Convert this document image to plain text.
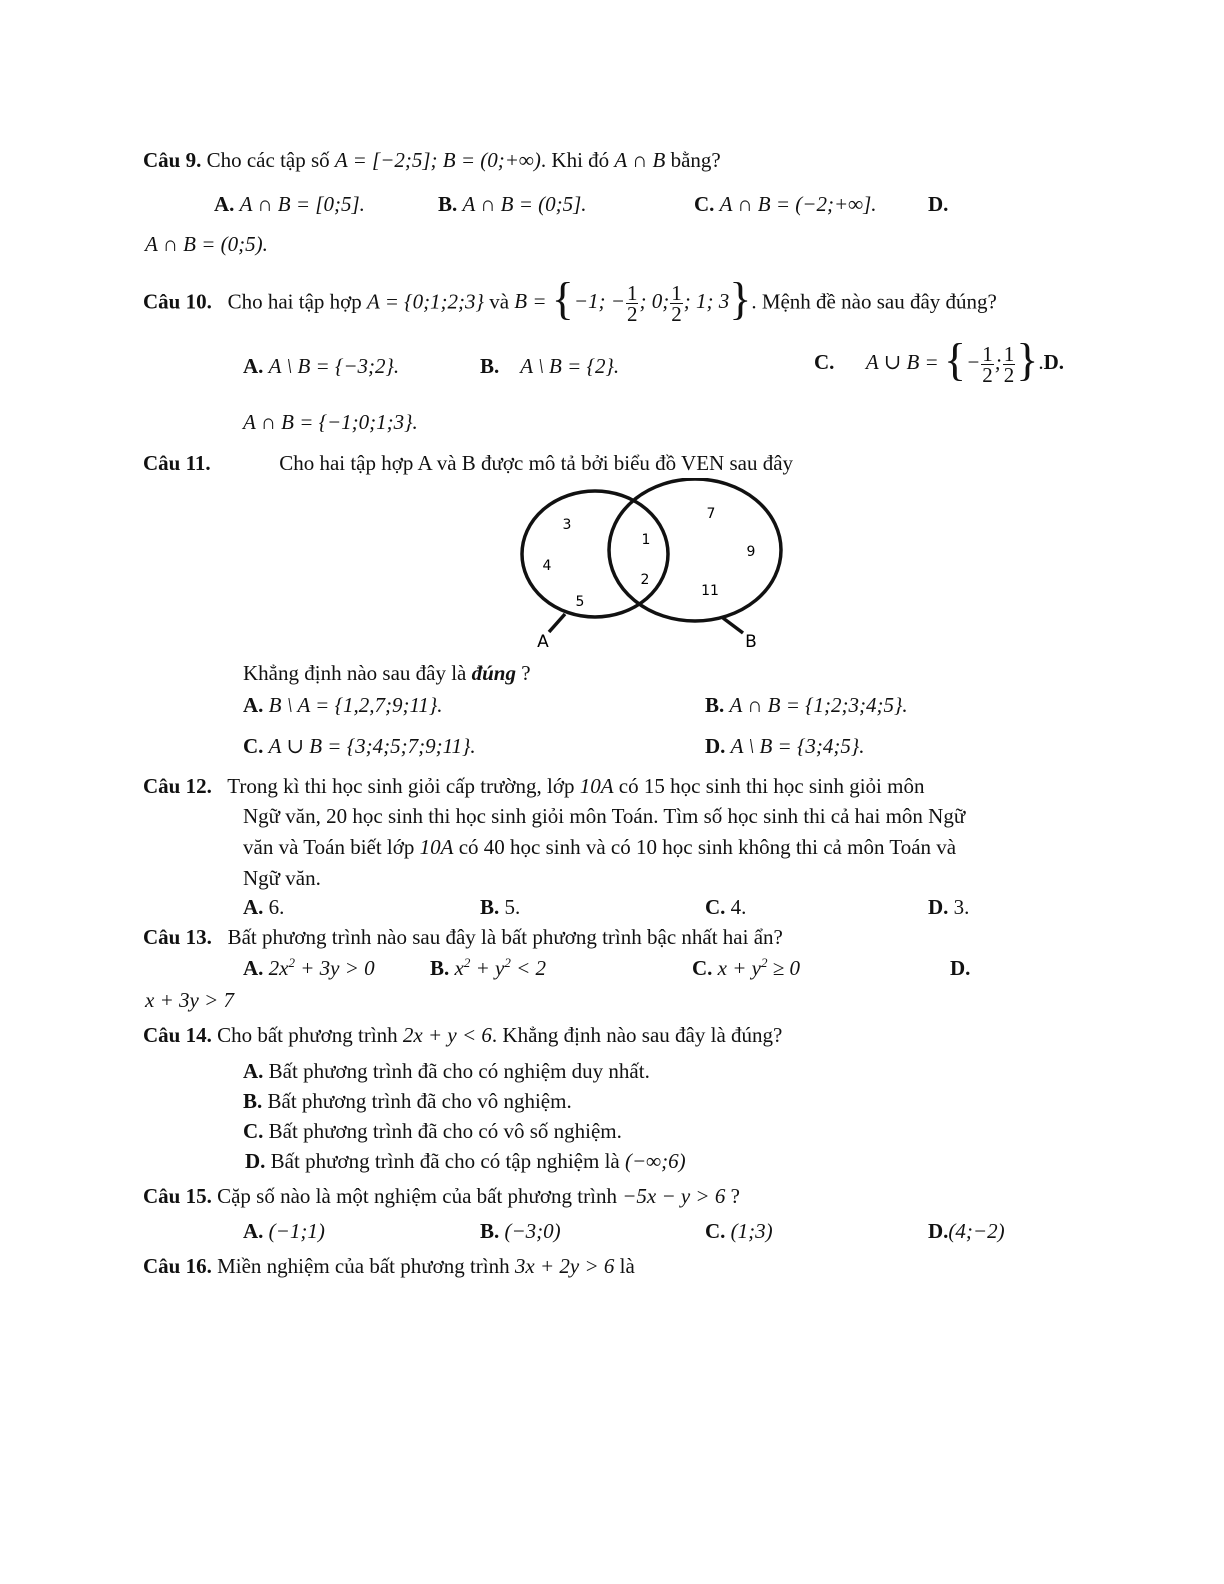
Câu 9. Cho các tập số A = [−2;5]; B = (0;+∞). Khi đó A ∩ B bằng?
A. A ∩ B = [0;5].	B. A ∩ B = (0;5].	C. A ∩ B = (−2;+∞]. D.
A ∩ B = (0;5).
Câu 10. Cho hai tập hợp A = {0;1;2;3} và B = {−1; − $\frac{1}{2}$ ; 0; $\frac{1}{2}$ ; 1; 3}. Mệnh đề nào sau đây đúng?
A. A \ B = {−3;2}.	B. A \ B = {2}.	C. A ∪ B = {− $\frac{1}{2}$ ; $\frac{1}{2} \}.D$.
A ∩ B = {−1;0;1;3}.
Câu 11.	Cho hai tập hợp A và B được mô tả bởi biểu đồ VEN sau đây
A	B
3
4
5
1
2
7
9
11
Khẳng định nào sau đây là đúng ?
A. B \ A = {1,2,7;9;11}.	B. A ∩ B = {1;2;3;4;5}.
C. A ∪ B = {3;4;5;7;9;11}.	D. A \ B = {3;4;5}.
Câu 12. Trong kì thi học sinh giỏi cấp trường, lớp 10A có 15 học sinh thi học sinh giỏi môn
Ngữ văn, 20 học sinh thi học sinh giỏi môn Toán. Tìm số học sinh thi cả hai môn Ngữ
văn và Toán biết lớp 10A có 40 học sinh và có 10 học sinh không thi cả môn Toán và
Ngữ văn.
A. 6.	B. 5.	C. 4.	D. 3.
Câu 13. Bất phương trình nào sau đây là bất phương trình bậc nhất hai ẩn?
A. $2x^2 + 3y > 0$	B. $x^2 + y^2 < 2$	C. $x + y^2 \ge 0$	D.
x + 3y > 7
Câu 14. Cho bất phương trình 2x + y < 6. Khẳng định nào sau đây là đúng?
A. Bất phương trình đã cho có nghiệm duy nhất.
B. Bất phương trình đã cho vô nghiệm.
C. Bất phương trình đã cho có vô số nghiệm.
D. Bất phương trình đã cho có tập nghiệm là (−∞;6)
Câu 15. Cặp số nào là một nghiệm của bất phương trình −5x − y > 6 ?
A. (−1;1)	B. (−3;0)	C. (1;3)	D.(4;−2)
Câu 16. Miền nghiệm của bất phương trình 3x + 2y > 6 là
